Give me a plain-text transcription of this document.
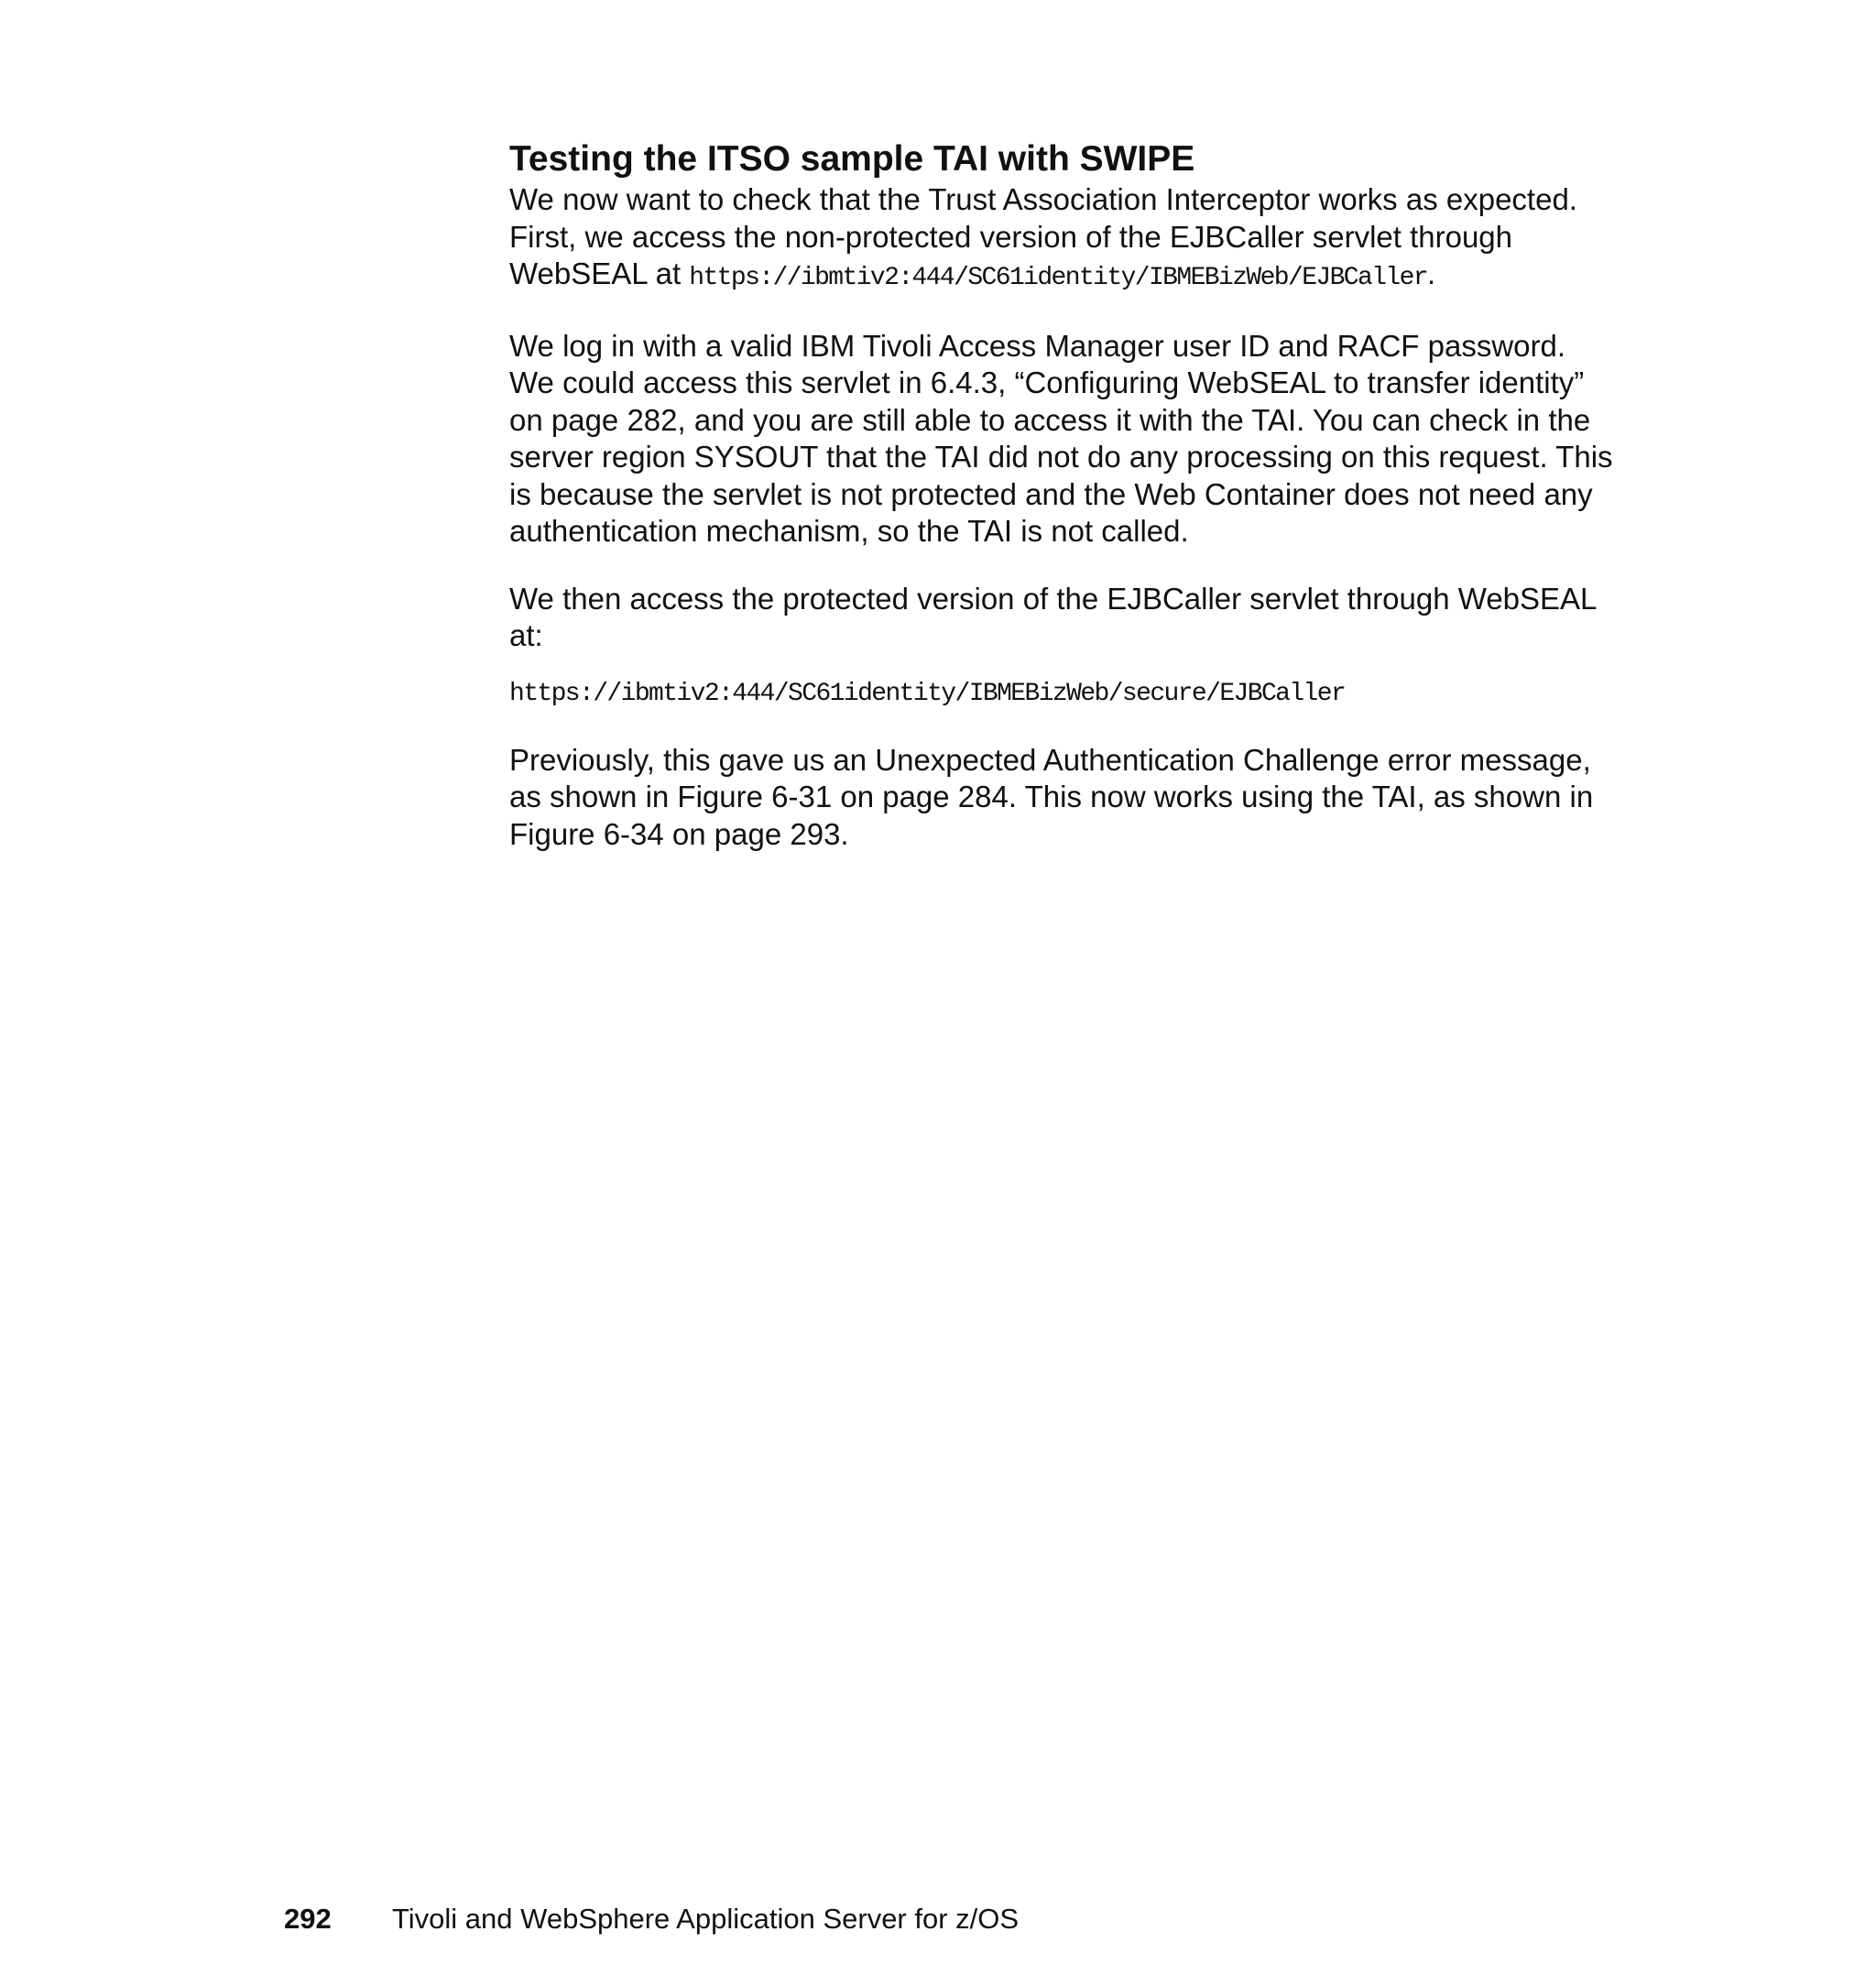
Testing the ITSO sample TAI with SWIPE

We now want to check that the Trust Association Interceptor works as expected. First, we access the non-protected version of the EJBCaller servlet through WebSEAL at https://ibmtiv2:444/SC61identity/IBMEBizWeb/EJBCaller.

We log in with a valid IBM Tivoli Access Manager user ID and RACF password. We could access this servlet in 6.4.3, “Configuring WebSEAL to transfer identity” on page 282, and you are still able to access it with the TAI. You can check in the server region SYSOUT that the TAI did not do any processing on this request. This is because the servlet is not protected and the Web Container does not need any authentication mechanism, so the TAI is not called.

We then access the protected version of the EJBCaller servlet through WebSEAL at:

https://ibmtiv2:444/SC61identity/IBMEBizWeb/secure/EJBCaller

Previously, this gave us an Unexpected Authentication Challenge error message, as shown in Figure 6-31 on page 284. This now works using the TAI, as shown in Figure 6-34 on page 293.

292 Tivoli and WebSphere Application Server for z/OS
